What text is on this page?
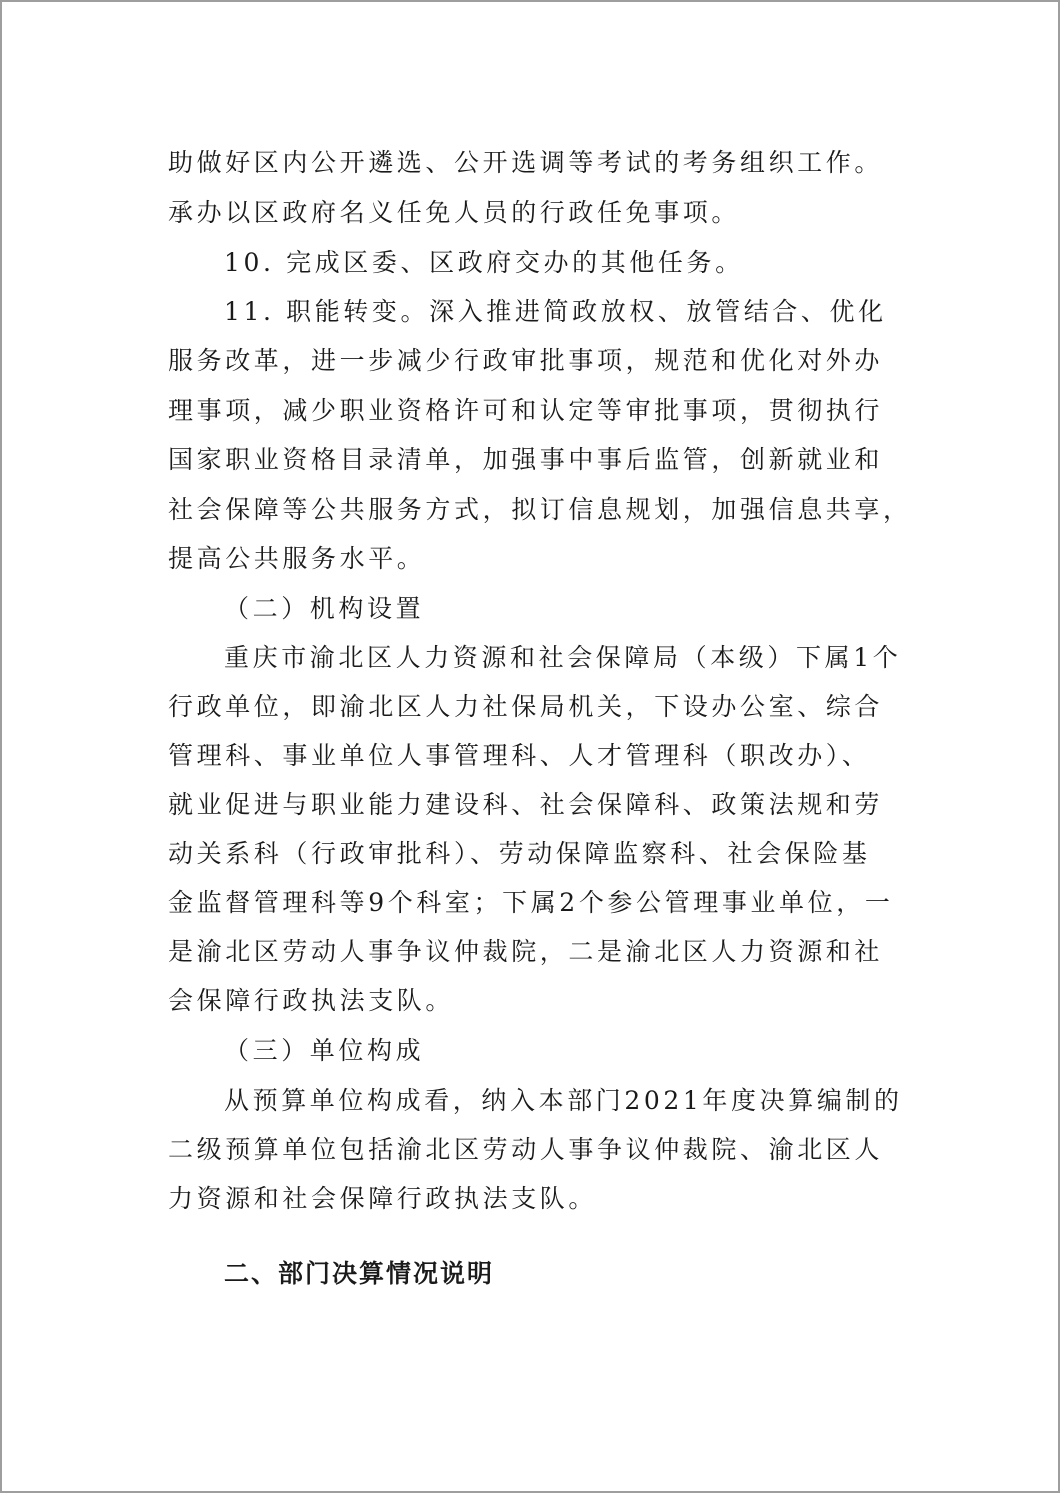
助做好区内公开遴选、公开选调等考试的考务组织工作。
承办以区政府名义任免人员的行政任免事项。
10. 完成区委、区政府交办的其他任务。
11. 职能转变。深入推进简政放权、放管结合、优化
服务改革，进一步减少行政审批事项，规范和优化对外办
理事项，减少职业资格许可和认定等审批事项，贯彻执行
国家职业资格目录清单，加强事中事后监管，创新就业和
社会保障等公共服务方式，拟订信息规划，加强信息共享，
提高公共服务水平。
（二）机构设置
重庆市渝北区人力资源和社会保障局（本级）下属1个
行政单位，即渝北区人力社保局机关，下设办公室、综合
管理科、事业单位人事管理科、人才管理科（职改办）、
就业促进与职业能力建设科、社会保障科、政策法规和劳
动关系科（行政审批科）、劳动保障监察科、社会保险基
金监督管理科等9个科室；下属2个参公管理事业单位，一
是渝北区劳动人事争议仲裁院，二是渝北区人力资源和社
会保障行政执法支队。
（三）单位构成
从预算单位构成看，纳入本部门2021年度决算编制的
二级预算单位包括渝北区劳动人事争议仲裁院、渝北区人
力资源和社会保障行政执法支队。
二、部门决算情况说明
